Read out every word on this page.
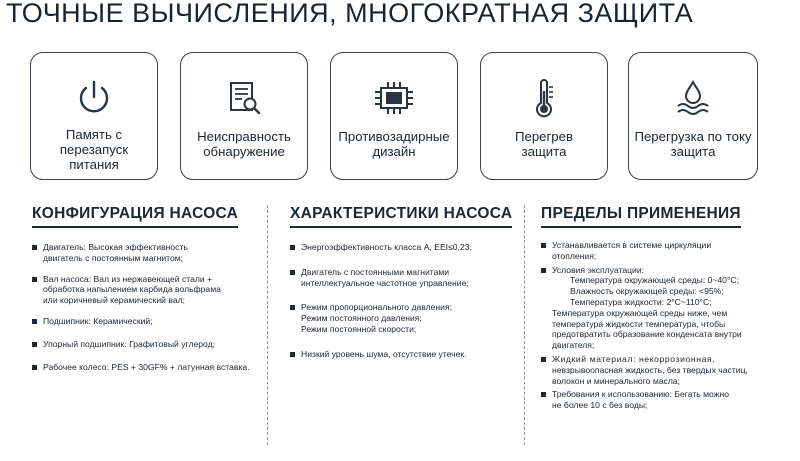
ТОЧНЫЕ ВЫЧИСЛЕНИЯ, МНОГОКРАТНАЯ ЗАЩИТА
Память с
перезапуск
питания
Неисправность
обнаружение
Противозадирные
дизайн
Перегрев
защита
Перегрузка по току
защита
КОНФИГУРАЦИЯ НАСОСА
Двигатель: Высокая эффективность
двигатель с постоянным магнитом;
Вал насоса: Вал из нержавеющей стали +
обработка напылением карбида вольфрама
или коричневый керамический вал;
Подшипник: Керамический;
Упорный подшипник: Графитовый углерод;
Рабочее колесо: PES + 30GF% + латунная вставка.
ХАРАКТЕРИСТИКИ НАСОСА
Энергоэффективность класса А, EEI≤0,23;
Двигатель с постоянными магнитами
интеллектуальное частотное управление;
Режим пропорционального давления;
Режим постоянного давления;
Режим постоянной скорости;
Низкий уровень шума, отсутствие утечек.
ПРЕДЕЛЫ ПРИМЕНЕНИЯ
Устанавливается в системе циркуляции
отопления;
Условия эксплуатации:
Температура окружающей среды: 0~40°C;
Влажность окружающей среды: <95%;
Температура жидкости: 2°C~110°C;
Температура окружающей среды ниже, чем
температура жидкости температура, чтобы
предотвратить образование конденсата внутри
двигателя;
Жидкий материал: некоррозионная,
невзрывоопасная жидкость, без твердых частиц,
волокон и минерального масла;
Требования к использованию: Бегать можно
не более 10 с без воды;
